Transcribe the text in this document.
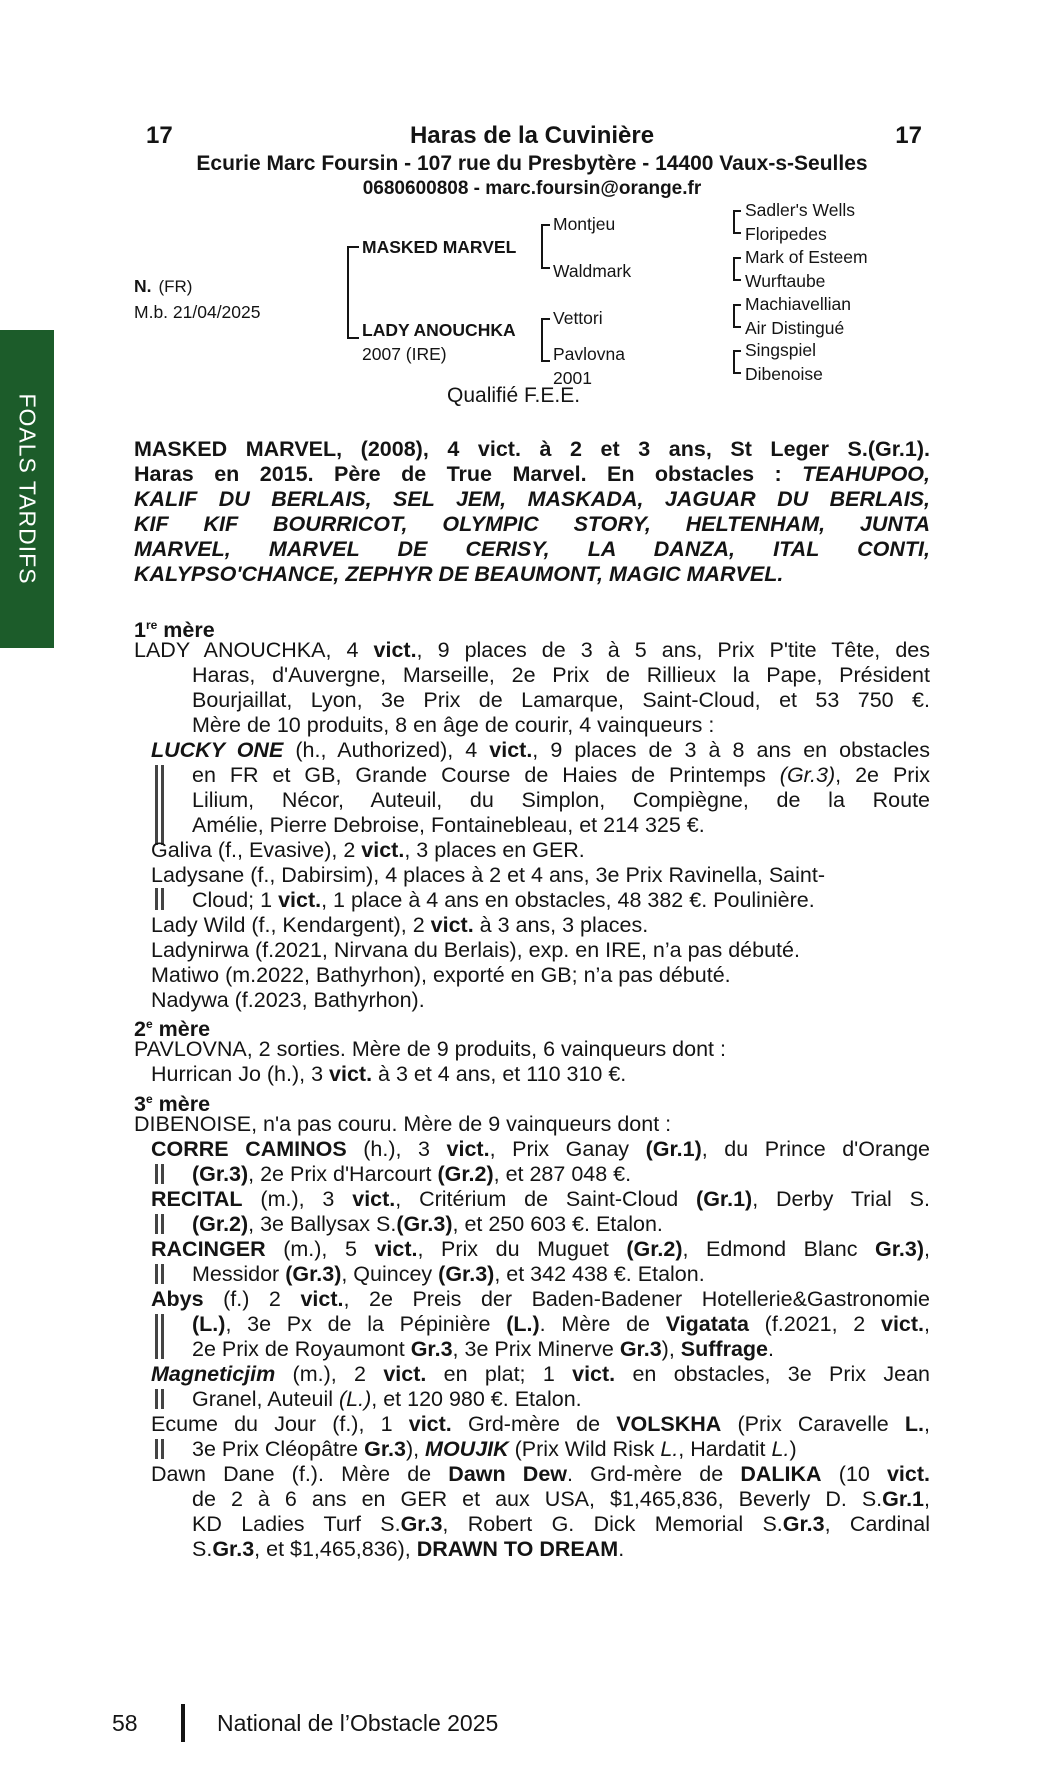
17	Haras de la Cuvinière	17
Ecurie Marc Foursin - 107 rue du Presbytère - 14400 Vaux-s-Seulles
0680600808 - marc.foursin@orange.fr
FOALS TARDIFS
N. (FR)
M.b. 21/04/2025
MASKED MARVEL
LADY ANOUCHKA
2007 (IRE)
Montjeu
Waldmark
Vettori
Pavlovna
2001
Sadler's Wells
Floripedes
Mark of Esteem
Wurftaube
Machiavellian
Air Distingué
Singspiel
Dibenoise
Qualifié F.E.E.
MASKED MARVEL, (2008), 4 vict. à 2 et 3 ans, St Leger S.(Gr.1).
Haras en 2015. Père de True Marvel. En obstacles : TEAHUPOO,
KALIF DU BERLAIS, SEL JEM, MASKADA, JAGUAR DU BERLAIS,
KIF KIF BOURRICOT, OLYMPIC STORY, HELTENHAM, JUNTA
MARVEL, MARVEL DE CERISY, LA DANZA, ITAL CONTI,
KALYPSO'CHANCE, ZEPHYR DE BEAUMONT, MAGIC MARVEL.
1re mère
LADY ANOUCHKA, 4 vict., 9 places de 3 à 5 ans, Prix P'tite Tête, des
Haras, d'Auvergne, Marseille, 2e Prix de Rillieux la Pape, Président
Bourjaillat, Lyon, 3e Prix de Lamarque, Saint-Cloud, et 53 750 €.
Mère de 10 produits, 8 en âge de courir, 4 vainqueurs :
LUCKY ONE (h., Authorized), 4 vict., 9 places de 3 à 8 ans en obstacles
en FR et GB, Grande Course de Haies de Printemps (Gr.3), 2e Prix
Lilium, Nécor, Auteuil, du Simplon, Compiègne, de la Route
Amélie, Pierre Debroise, Fontainebleau, et 214 325 €.
Galiva (f., Evasive), 2 vict., 3 places en GER.
Ladysane (f., Dabirsim), 4 places à 2 et 4 ans, 3e Prix Ravinella, Saint-
Cloud; 1 vict., 1 place à 4 ans en obstacles, 48 382 €. Poulinière.
Lady Wild (f., Kendargent), 2 vict. à 3 ans, 3 places.
Ladynirwa (f.2021, Nirvana du Berlais), exp. en IRE, n’a pas débuté.
Matiwo (m.2022, Bathyrhon), exporté en GB; n’a pas débuté.
Nadywa (f.2023, Bathyrhon).
2e mère
PAVLOVNA, 2 sorties. Mère de 9 produits, 6 vainqueurs dont :
Hurrican Jo (h.), 3 vict. à 3 et 4 ans, et 110 310 €.
3e mère
DIBENOISE, n'a pas couru. Mère de 9 vainqueurs dont :
CORRE CAMINOS (h.), 3 vict., Prix Ganay (Gr.1), du Prince d'Orange
(Gr.3), 2e Prix d'Harcourt (Gr.2), et 287 048 €.
RECITAL (m.), 3 vict., Critérium de Saint-Cloud (Gr.1), Derby Trial S.
(Gr.2), 3e Ballysax S.(Gr.3), et 250 603 €. Etalon.
RACINGER (m.), 5 vict., Prix du Muguet (Gr.2), Edmond Blanc Gr.3),
Messidor (Gr.3), Quincey (Gr.3), et 342 438 €. Etalon.
Abys (f.) 2 vict., 2e Preis der Baden-Badener Hotellerie&Gastronomie
(L.), 3e Px de la Pépinière (L.). Mère de Vigatata (f.2021, 2 vict.,
2e Prix de Royaumont Gr.3, 3e Prix Minerve Gr.3), Suffrage.
Magneticjim (m.), 2 vict. en plat; 1 vict. en obstacles, 3e Prix Jean
Granel, Auteuil (L.), et 120 980 €. Etalon.
Ecume du Jour (f.), 1 vict. Grd-mère de VOLSKHA (Prix Caravelle L.,
3e Prix Cléopâtre Gr.3), MOUJIK (Prix Wild Risk L., Hardatit L.)
Dawn Dane (f.). Mère de Dawn Dew. Grd-mère de DALIKA (10 vict.
de 2 à 6 ans en GER et aux USA, $1,465,836, Beverly D. S.Gr.1,
KD Ladies Turf S.Gr.3, Robert G. Dick Memorial S.Gr.3, Cardinal
S.Gr.3, et $1,465,836), DRAWN TO DREAM.
58	National de l’Obstacle 2025
